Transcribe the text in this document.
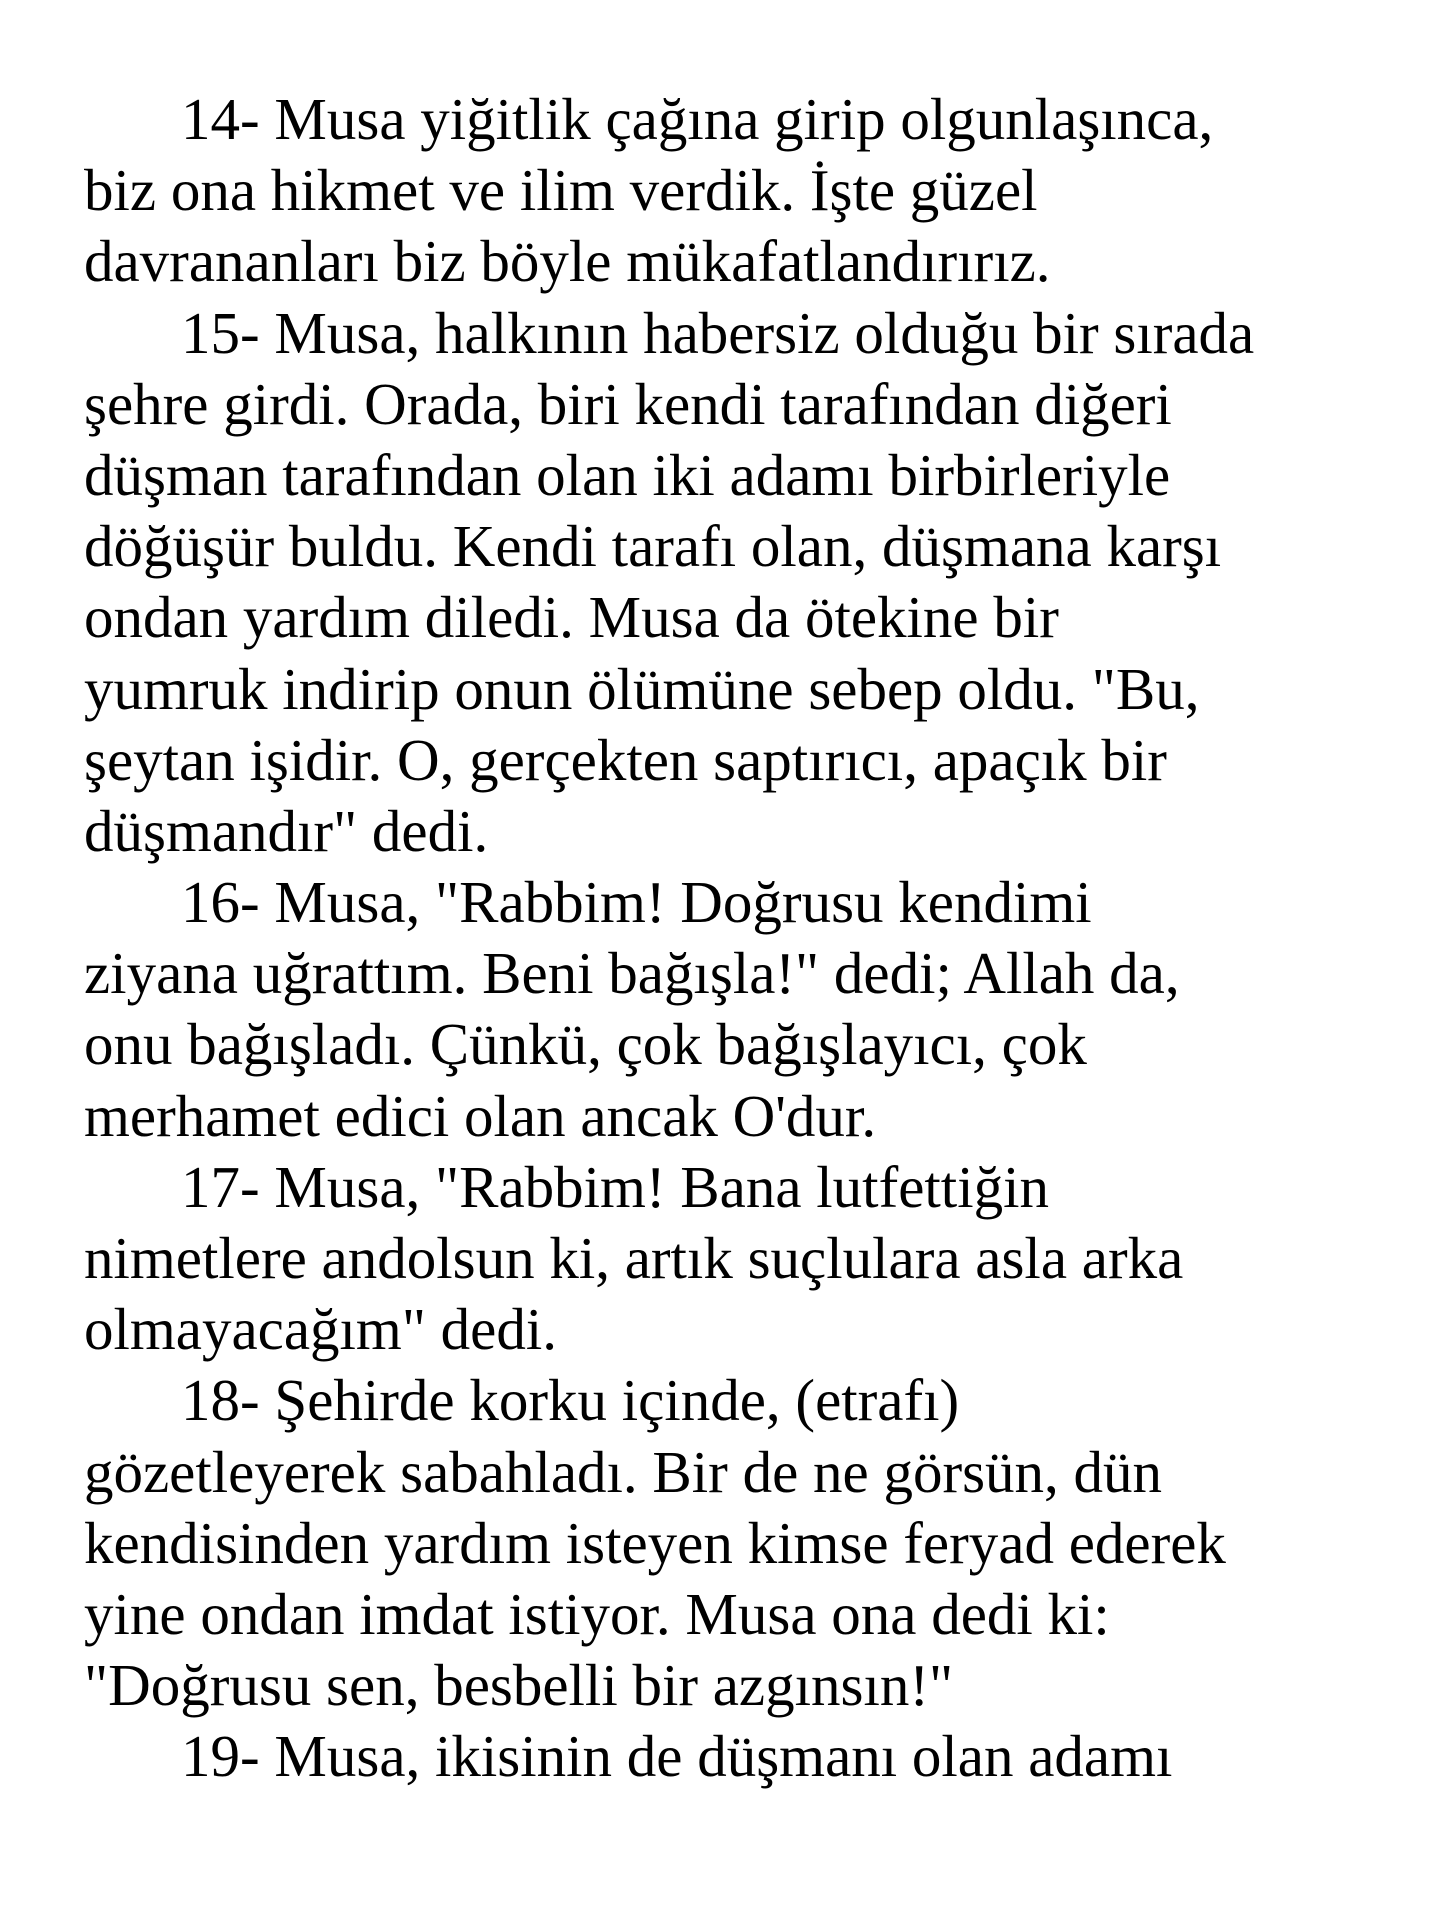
14- Musa yiğitlik çağına girip olgunlaşınca,
biz ona hikmet ve ilim verdik. İşte güzel
davrananları biz böyle mükafatlandırırız.
15- Musa, halkının habersiz olduğu bir sırada
şehre girdi. Orada, biri kendi tarafından diğeri
düşman tarafından olan iki adamı birbirleriyle
döğüşür buldu. Kendi tarafı olan, düşmana karşı
ondan yardım diledi. Musa da ötekine bir
yumruk indirip onun ölümüne sebep oldu. "Bu,
şeytan işidir. O, gerçekten saptırıcı, apaçık bir
düşmandır" dedi.
16- Musa, "Rabbim! Doğrusu kendimi
ziyana uğrattım. Beni bağışla!" dedi; Allah da,
onu bağışladı. Çünkü, çok bağışlayıcı, çok
merhamet edici olan ancak O'dur.
17- Musa, "Rabbim! Bana lutfettiğin
nimetlere andolsun ki, artık suçlulara asla arka
olmayacağım" dedi.
18- Şehirde korku içinde, (etrafı)
gözetleyerek sabahladı. Bir de ne görsün, dün
kendisinden yardım isteyen kimse feryad ederek
yine ondan imdat istiyor. Musa ona dedi ki:
"Doğrusu sen, besbelli bir azgınsın!"
19- Musa, ikisinin de düşmanı olan adamı
